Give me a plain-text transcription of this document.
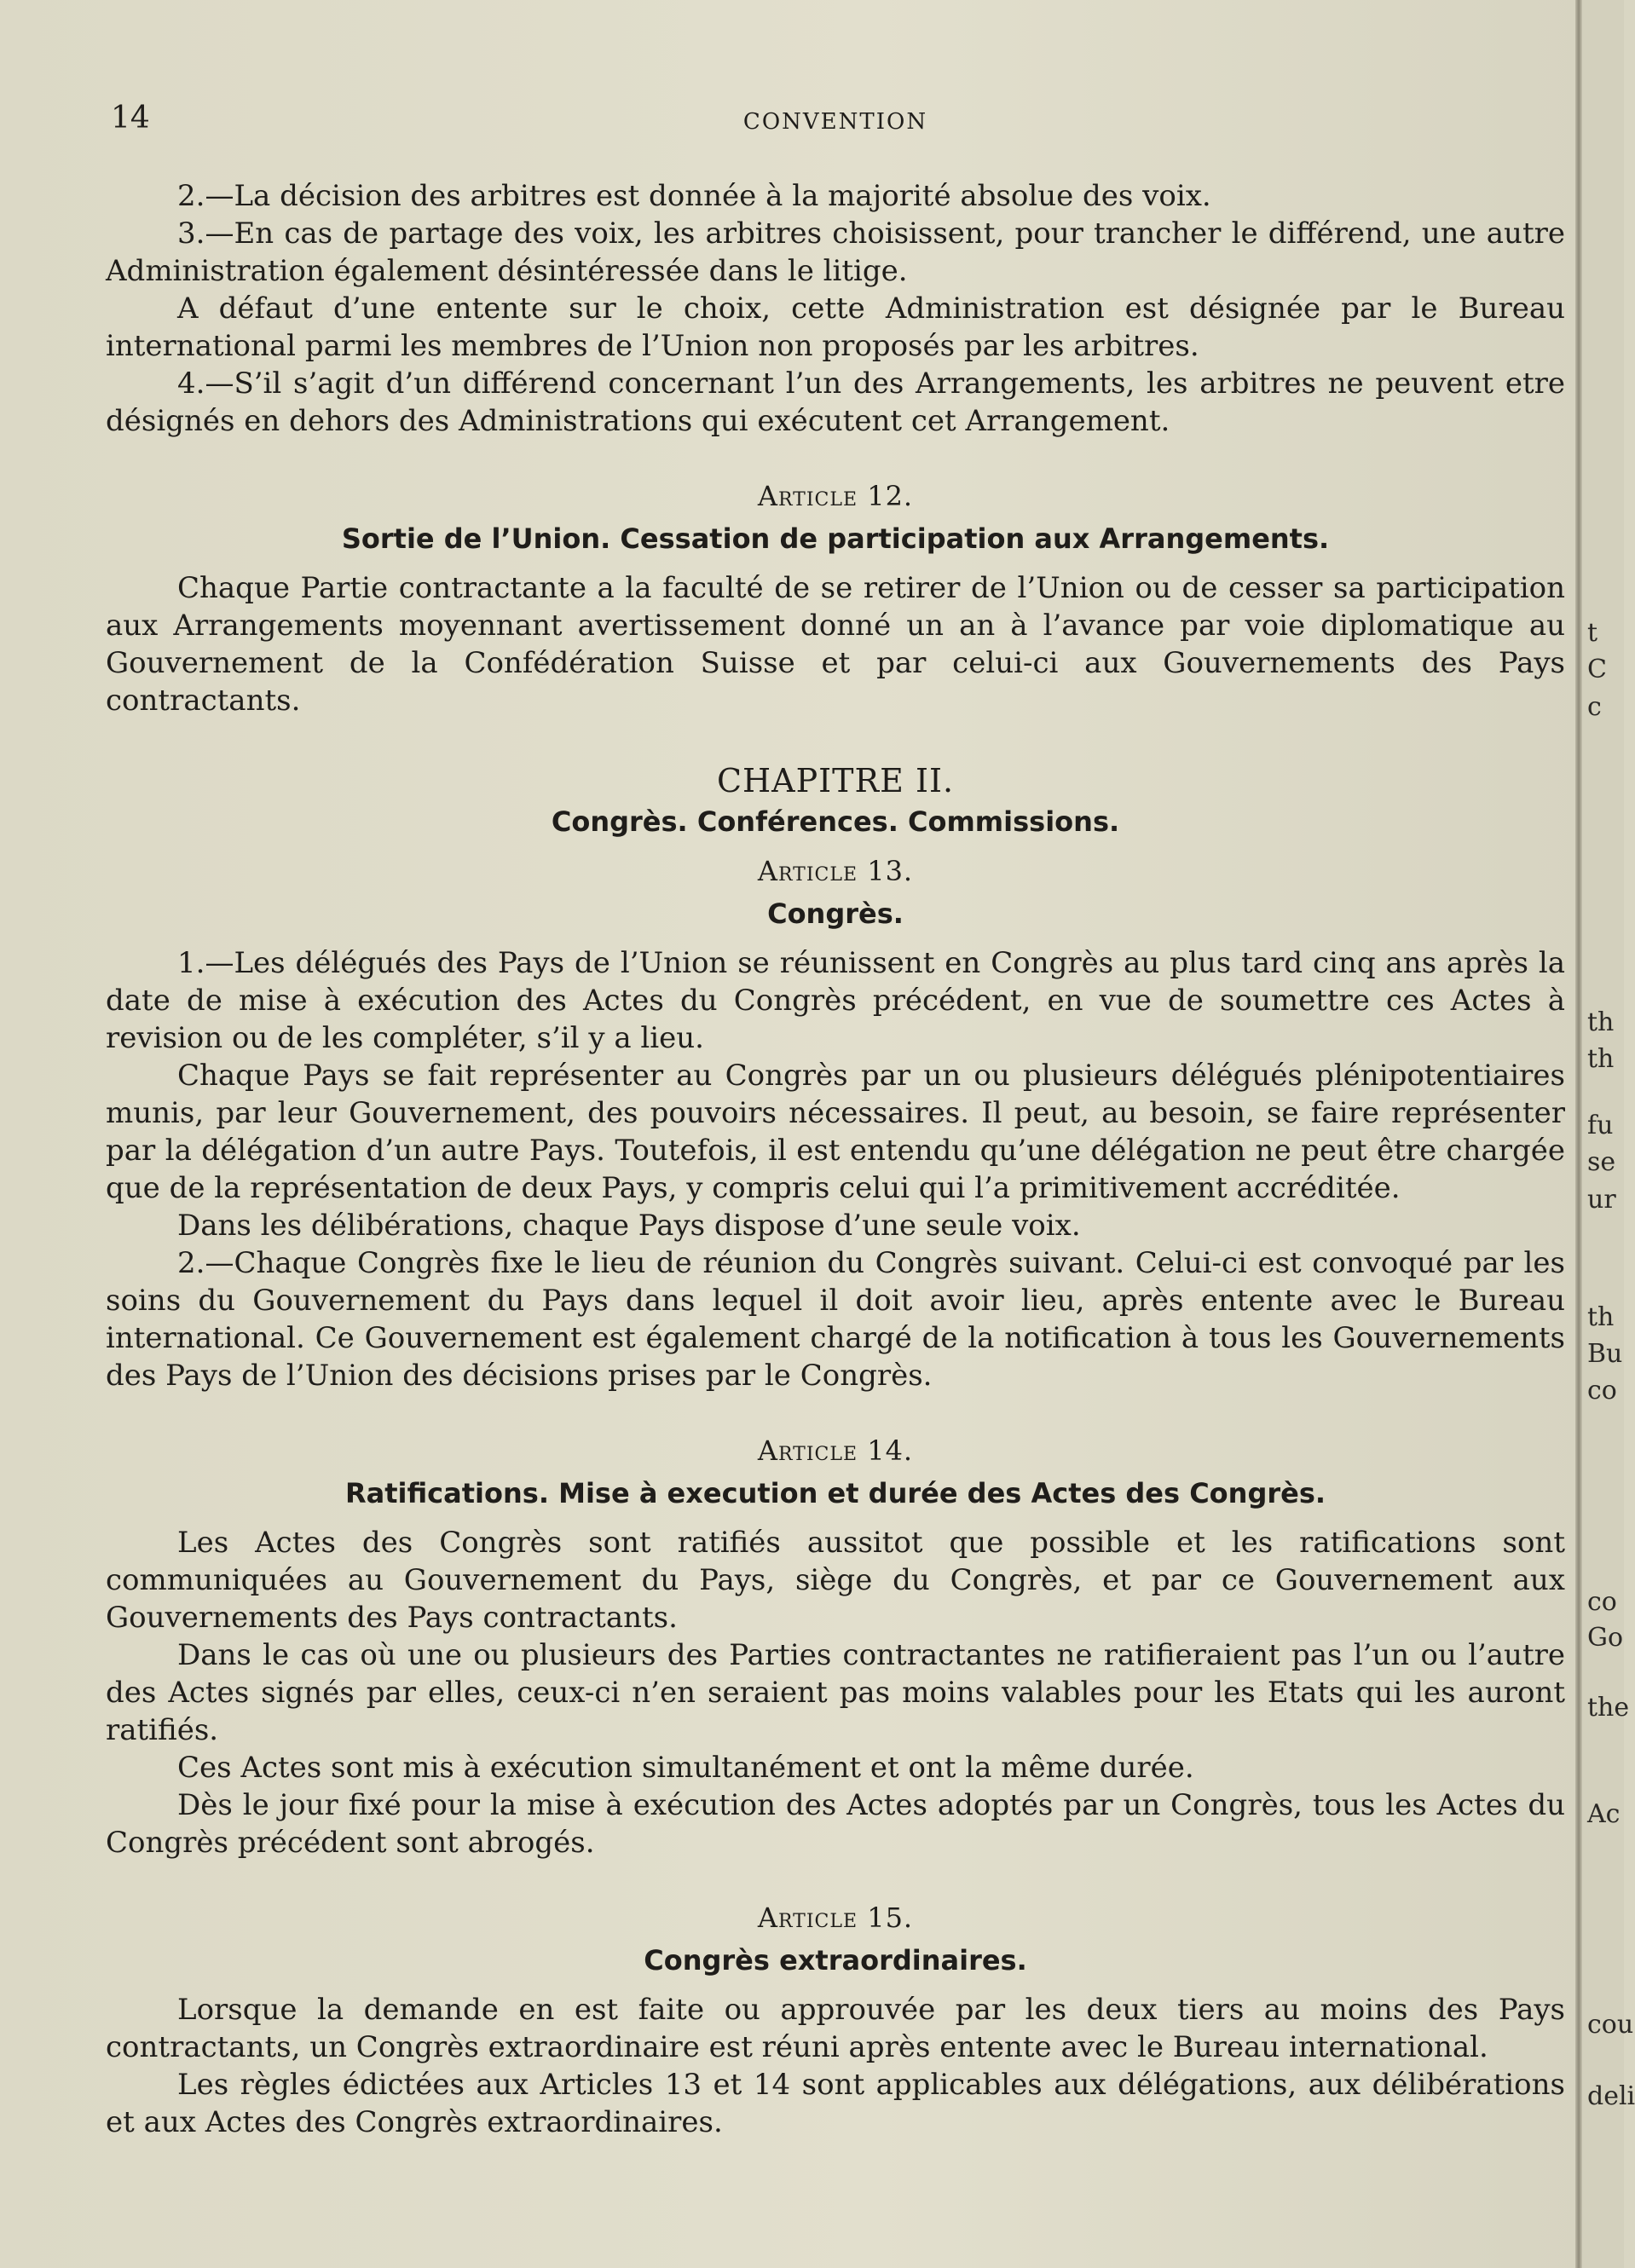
14	CONVENTION

2.—La décision des arbitres est donnée à la majorité absolue des voix.

3.—En cas de partage des voix, les arbitres choisissent, pour trancher le différend, une autre Administration également désintéressée dans le litige.

A défaut d’une entente sur le choix, cette Administration est désignée par le Bureau international parmi les membres de l’Union non proposés par les arbitres.

4.—S’il s’agit d’un différend concernant l’un des Arrangements, les arbitres ne peuvent etre désignés en dehors des Administrations qui exécutent cet Arrangement.

Article 12.
Sortie de l’Union. Cessation de participation aux Arrangements.

Chaque Partie contractante a la faculté de se retirer de l’Union ou de cesser sa participation aux Arrangements moyennant avertissement donné un an à l’avance par voie diplomatique au Gouvernement de la Confédération Suisse et par celui-ci aux Gouvernements des Pays contractants.

CHAPITRE II.
Congrès. Conférences. Commissions.
Article 13.
Congrès.

1.—Les délégués des Pays de l’Union se réunissent en Congrès au plus tard cinq ans après la date de mise à exécution des Actes du Congrès précédent, en vue de soumettre ces Actes à revision ou de les compléter, s’il y a lieu.

Chaque Pays se fait représenter au Congrès par un ou plusieurs délégués plénipotentiaires munis, par leur Gouvernement, des pouvoirs nécessaires. Il peut, au besoin, se faire représenter par la délégation d’un autre Pays. Toutefois, il est entendu qu’une délégation ne peut être chargée que de la représentation de deux Pays, y compris celui qui l’a primitivement accréditée.

Dans les délibérations, chaque Pays dispose d’une seule voix.

2.—Chaque Congrès fixe le lieu de réunion du Congrès suivant. Celui-ci est convoqué par les soins du Gouvernement du Pays dans lequel il doit avoir lieu, après entente avec le Bureau international. Ce Gouvernement est également chargé de la notification à tous les Gouvernements des Pays de l’Union des décisions prises par le Congrès.

Article 14.
Ratifications. Mise à execution et durée des Actes des Congrès.

Les Actes des Congrès sont ratifiés aussitot que possible et les ratifications sont communiquées au Gouvernement du Pays, siège du Congrès, et par ce Gouvernement aux Gouvernements des Pays contractants.

Dans le cas où une ou plusieurs des Parties contractantes ne ratifieraient pas l’un ou l’autre des Actes signés par elles, ceux-ci n’en seraient pas moins valables pour les Etats qui les auront ratifiés.

Ces Actes sont mis à exécution simultanément et ont la même durée.

Dès le jour fixé pour la mise à exécution des Actes adoptés par un Congrès, tous les Actes du Congrès précédent sont abrogés.

Article 15.
Congrès extraordinaires.

Lorsque la demande en est faite ou approuvée par les deux tiers au moins des Pays contractants, un Congrès extraordinaire est réuni après entente avec le Bureau international.

Les règles édictées aux Articles 13 et 14 sont applicables aux délégations, aux délibérations et aux Actes des Congrès extraordinaires.

t
C
c
th
th
fu
se
ur
th
Bu
co
co
Go
the
Ac
cou
deli
